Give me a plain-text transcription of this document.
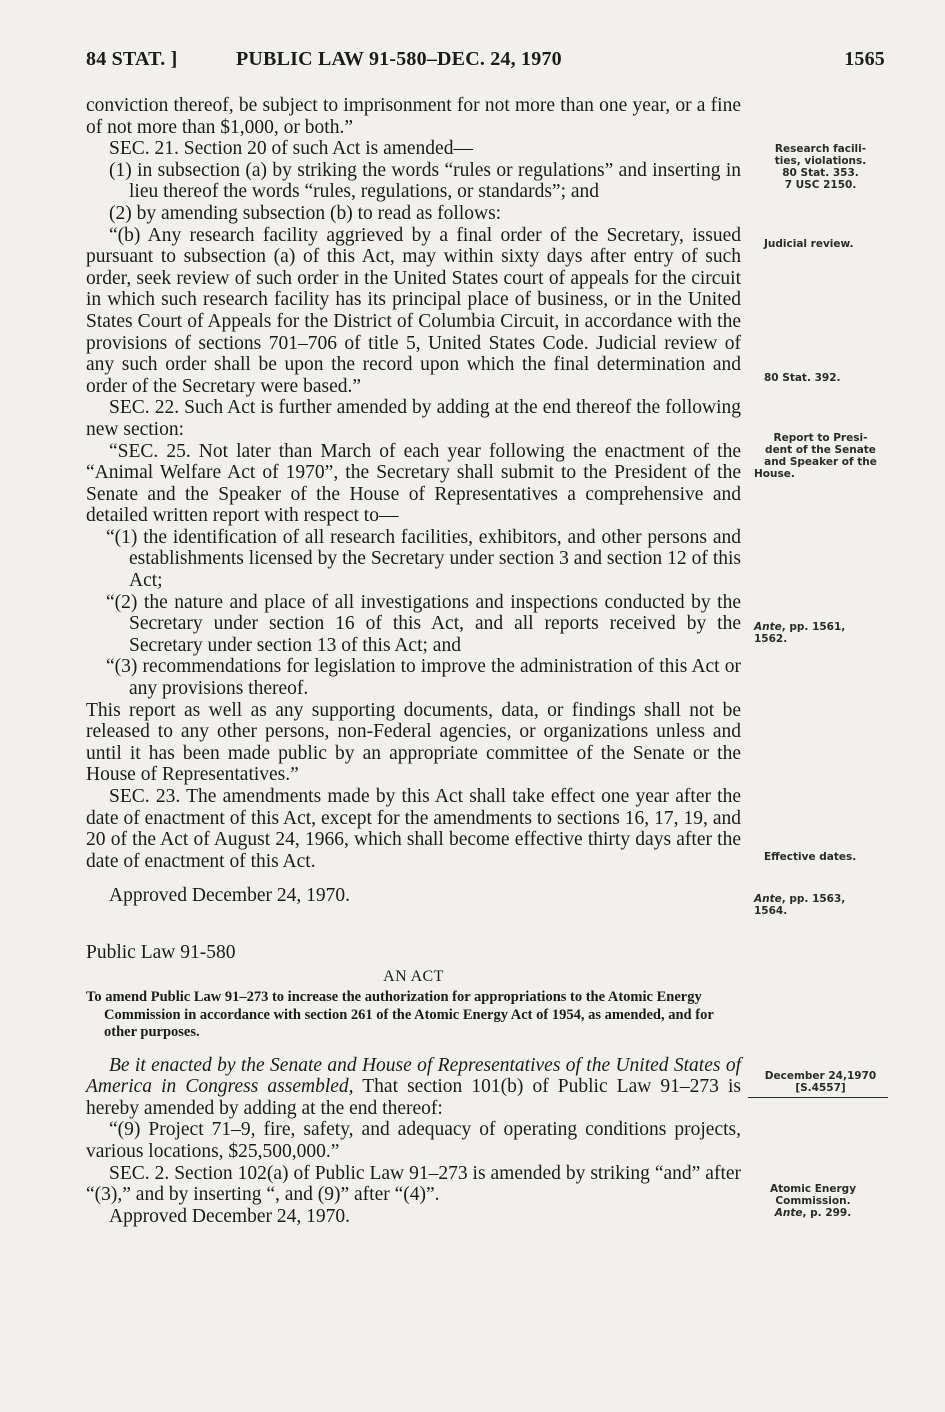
84 STAT. ]	PUBLIC LAW 91-580–DEC. 24, 1970	1565

conviction thereof, be subject to imprisonment for not more than one year, or a fine of not more than $1,000, or both.”

SEC. 21. Section 20 of such Act is amended—

(1) in subsection (a) by striking the words “rules or regulations” and inserting in lieu thereof the words “rules, regulations, or standards”; and

(2) by amending subsection (b) to read as follows:

“(b) Any research facility aggrieved by a final order of the Secretary, issued pursuant to subsection (a) of this Act, may within sixty days after entry of such order, seek review of such order in the United States court of appeals for the circuit in which such research facility has its principal place of business, or in the United States Court of Appeals for the District of Columbia Circuit, in accordance with the provisions of sections 701–706 of title 5, United States Code. Judicial review of any such order shall be upon the record upon which the final determination and order of the Secretary were based.”

SEC. 22. Such Act is further amended by adding at the end thereof the following new section:

“SEC. 25. Not later than March of each year following the enactment of the “Animal Welfare Act of 1970”, the Secretary shall submit to the President of the Senate and the Speaker of the House of Representatives a comprehensive and detailed written report with respect to—

“(1) the identification of all research facilities, exhibitors, and other persons and establishments licensed by the Secretary under section 3 and section 12 of this Act;

“(2) the nature and place of all investigations and inspections conducted by the Secretary under section 16 of this Act, and all reports received by the Secretary under section 13 of this Act; and

“(3) recommendations for legislation to improve the administration of this Act or any provisions thereof.

This report as well as any supporting documents, data, or findings shall not be released to any other persons, non-Federal agencies, or organizations unless and until it has been made public by an appropriate committee of the Senate or the House of Representatives.”

SEC. 23. The amendments made by this Act shall take effect one year after the date of enactment of this Act, except for the amendments to sections 16, 17, 19, and 20 of the Act of August 24, 1966, which shall become effective thirty days after the date of enactment of this Act.

Approved December 24, 1970.

Public Law 91-580

AN ACT

To amend Public Law 91–273 to increase the authorization for appropriations to the Atomic Energy Commission in accordance with section 261 of the Atomic Energy Act of 1954, as amended, and for other purposes.

Be it enacted by the Senate and House of Representatives of the United States of America in Congress assembled, That section 101(b) of Public Law 91–273 is hereby amended by adding at the end thereof:

“(9) Project 71–9, fire, safety, and adequacy of operating conditions projects, various locations, $25,500,000.”

SEC. 2. Section 102(a) of Public Law 91–273 is amended by striking “and” after “(3),” and by inserting “, and (9)” after “(4)”.

Approved December 24, 1970.

Research facili-
ties, violations.
80 Stat. 353.
7 USC 2150.
Judicial review.
80 Stat. 392.
Report to Presi-
dent of the Senate
and Speaker of the
House.
Ante, pp. 1561,
1562.
Effective dates.
Ante, pp. 1563,
1564.
December 24,1970
[S.4557]
Atomic Energy
Commission.
Ante, p. 299.
